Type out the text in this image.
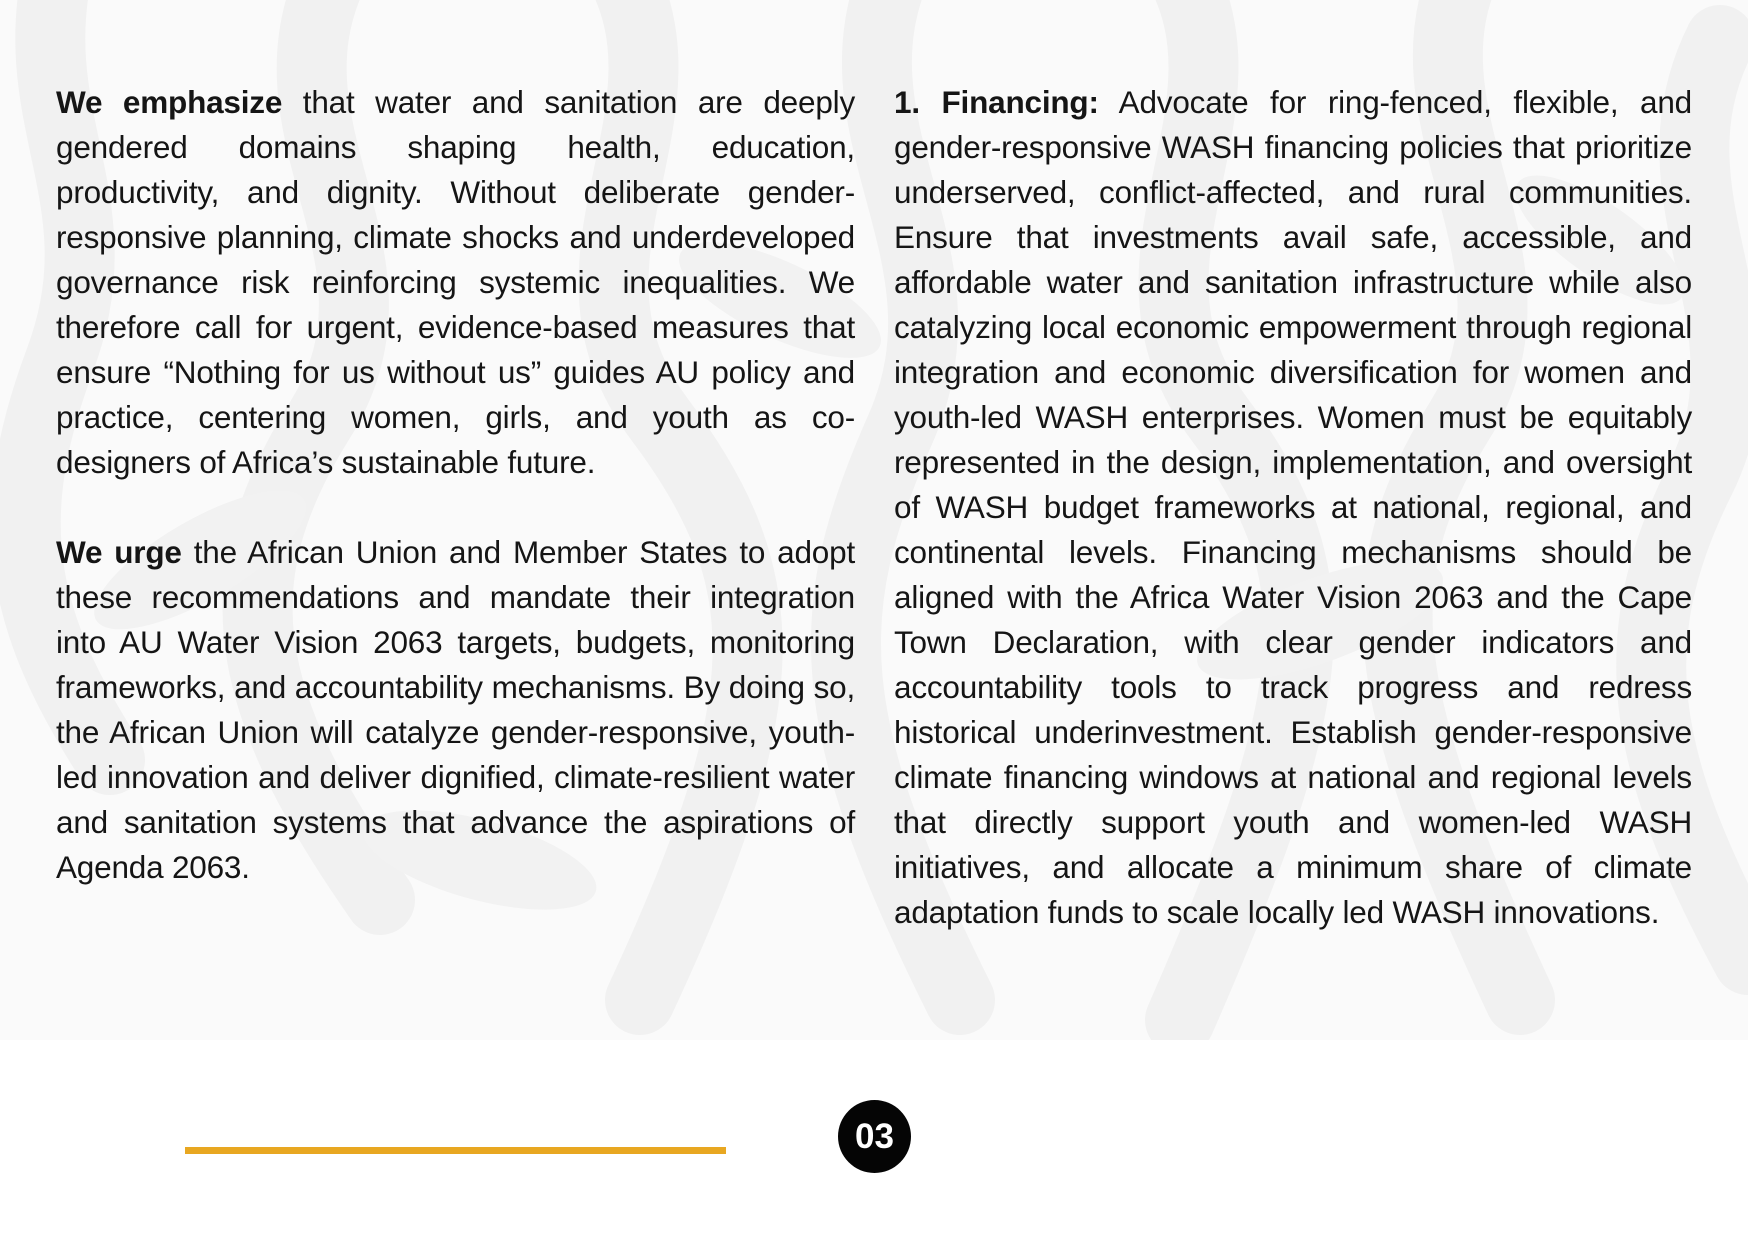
We emphasize that water and sanitation are deeply gendered domains shaping health, education, productivity, and dignity. Without deliberate gender-responsive planning, climate shocks and underdeveloped governance risk reinforcing systemic inequalities. We therefore call for urgent, evidence-based measures that ensure “Nothing for us without us” guides AU policy and practice, centering women, girls, and youth as co-designers of Africa’s sustainable future.

We urge the African Union and Member States to adopt these recommendations and mandate their integration into AU Water Vision 2063 targets, budgets, monitoring frameworks, and accountability mechanisms. By doing so, the African Union will catalyze gender-responsive, youth-led innovation and deliver dignified, climate-resilient water and sanitation systems that advance the aspirations of Agenda 2063.

1. Financing: Advocate for ring-fenced, flexible, and gender-responsive WASH financing policies that prioritize underserved, conflict-affected, and rural communities. Ensure that investments avail safe, accessible, and affordable water and sanitation infrastructure while also catalyzing local economic empowerment through regional integration and economic diversification for women and youth-led WASH enterprises. Women must be equitably represented in the design, implementation, and oversight of WASH budget frameworks at national, regional, and continental levels. Financing mechanisms should be aligned with the Africa Water Vision 2063 and the Cape Town Declaration, with clear gender indicators and accountability tools to track progress and redress historical underinvestment. Establish gender-responsive climate financing windows at national and regional levels that directly support youth and women-led WASH initiatives, and allocate a minimum share of climate adaptation funds to scale locally led WASH innovations.

03
